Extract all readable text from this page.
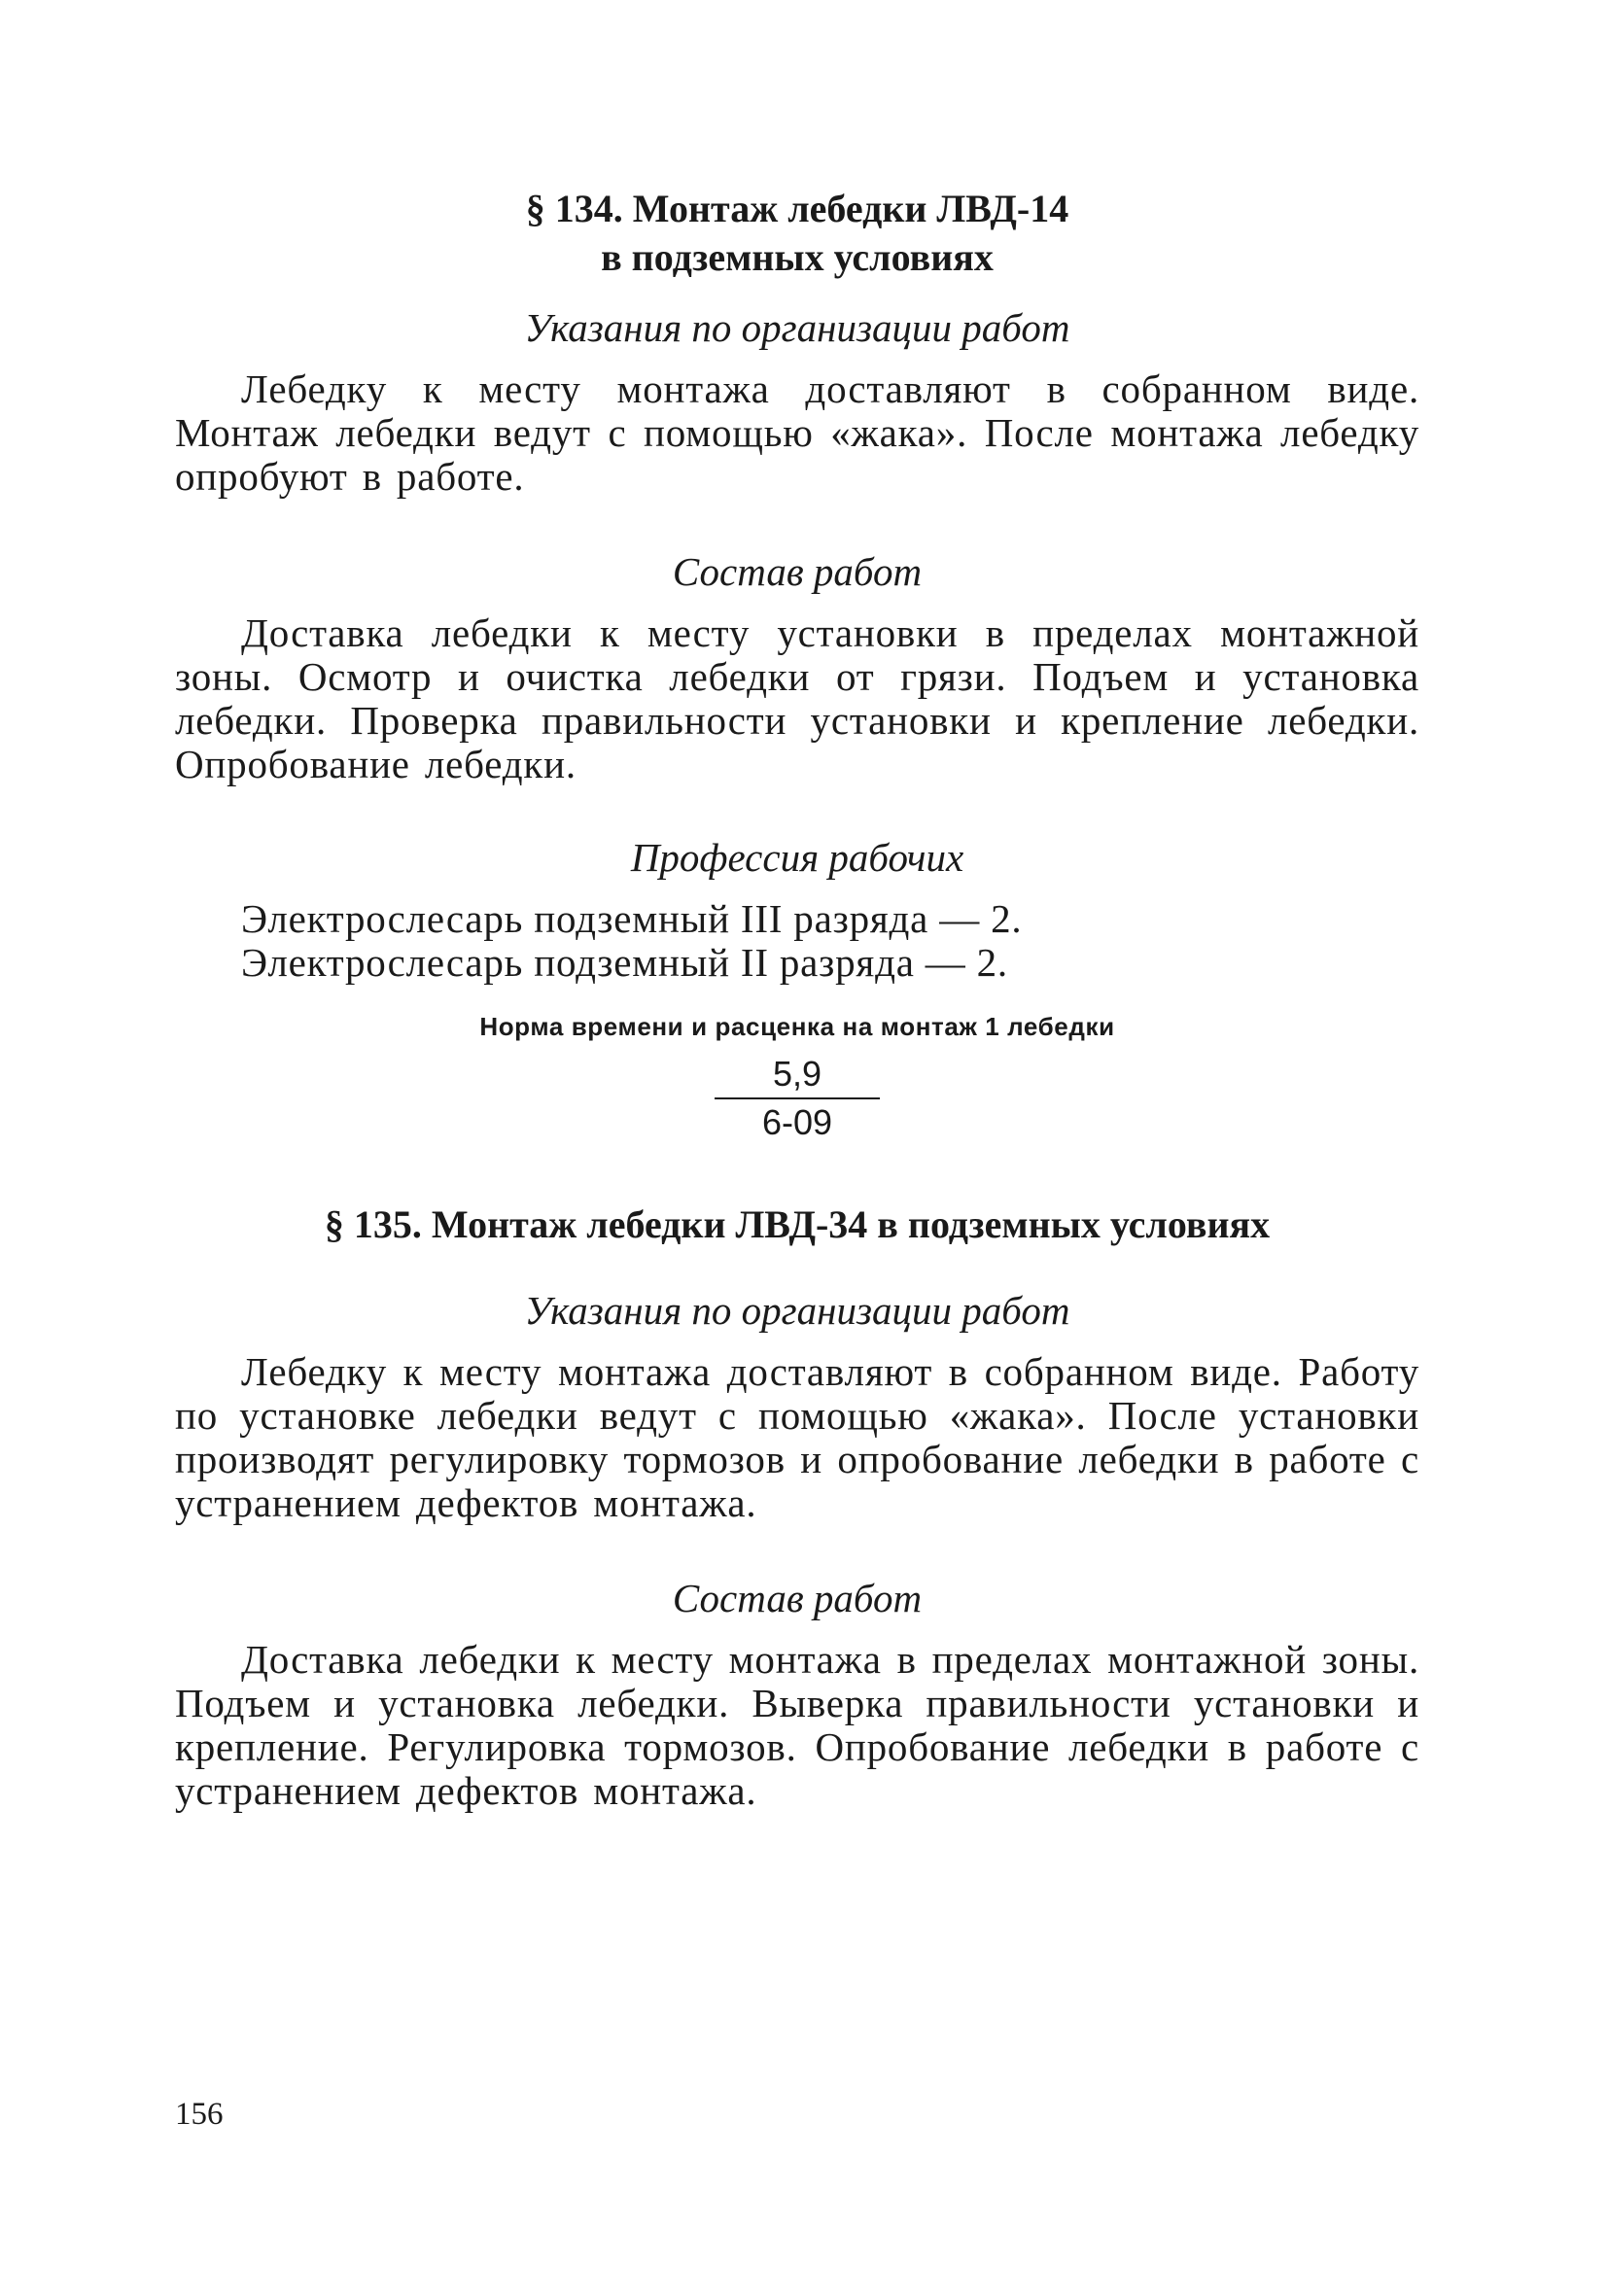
§ 134. Монтаж лебедки ЛВД-14
в подземных условиях

Указания по организации работ

Лебедку к месту монтажа доставляют в собранном виде. Монтаж лебедки ведут с помощью «жака». После монтажа лебедку опробуют в работе.

Состав работ

Доставка лебедки к месту установки в пределах монтажной зоны. Осмотр и очистка лебедки от грязи. Подъем и установка лебедки. Проверка правильности установки и крепление лебедки. Опробование лебедки.

Профессия рабочих

Электрослесарь подземный III разряда — 2.
Электрослесарь подземный II разряда — 2.

Норма времени и расценка на монтаж 1 лебедки

5,9
6-09
§ 135. Монтаж лебедки ЛВД-34 в подземных условиях

Указания по организации работ

Лебедку к месту монтажа доставляют в собранном виде. Работу по установке лебедки ведут с помощью «жака». После установки производят регулировку тормозов и опробование лебедки в работе с устранением дефектов монтажа.

Состав работ

Доставка лебедки к месту монтажа в пределах монтажной зоны. Подъем и установка лебедки. Выверка правильности установки и крепление. Регулировка тормозов. Опробование лебедки в работе с устранением дефектов монтажа.

156
